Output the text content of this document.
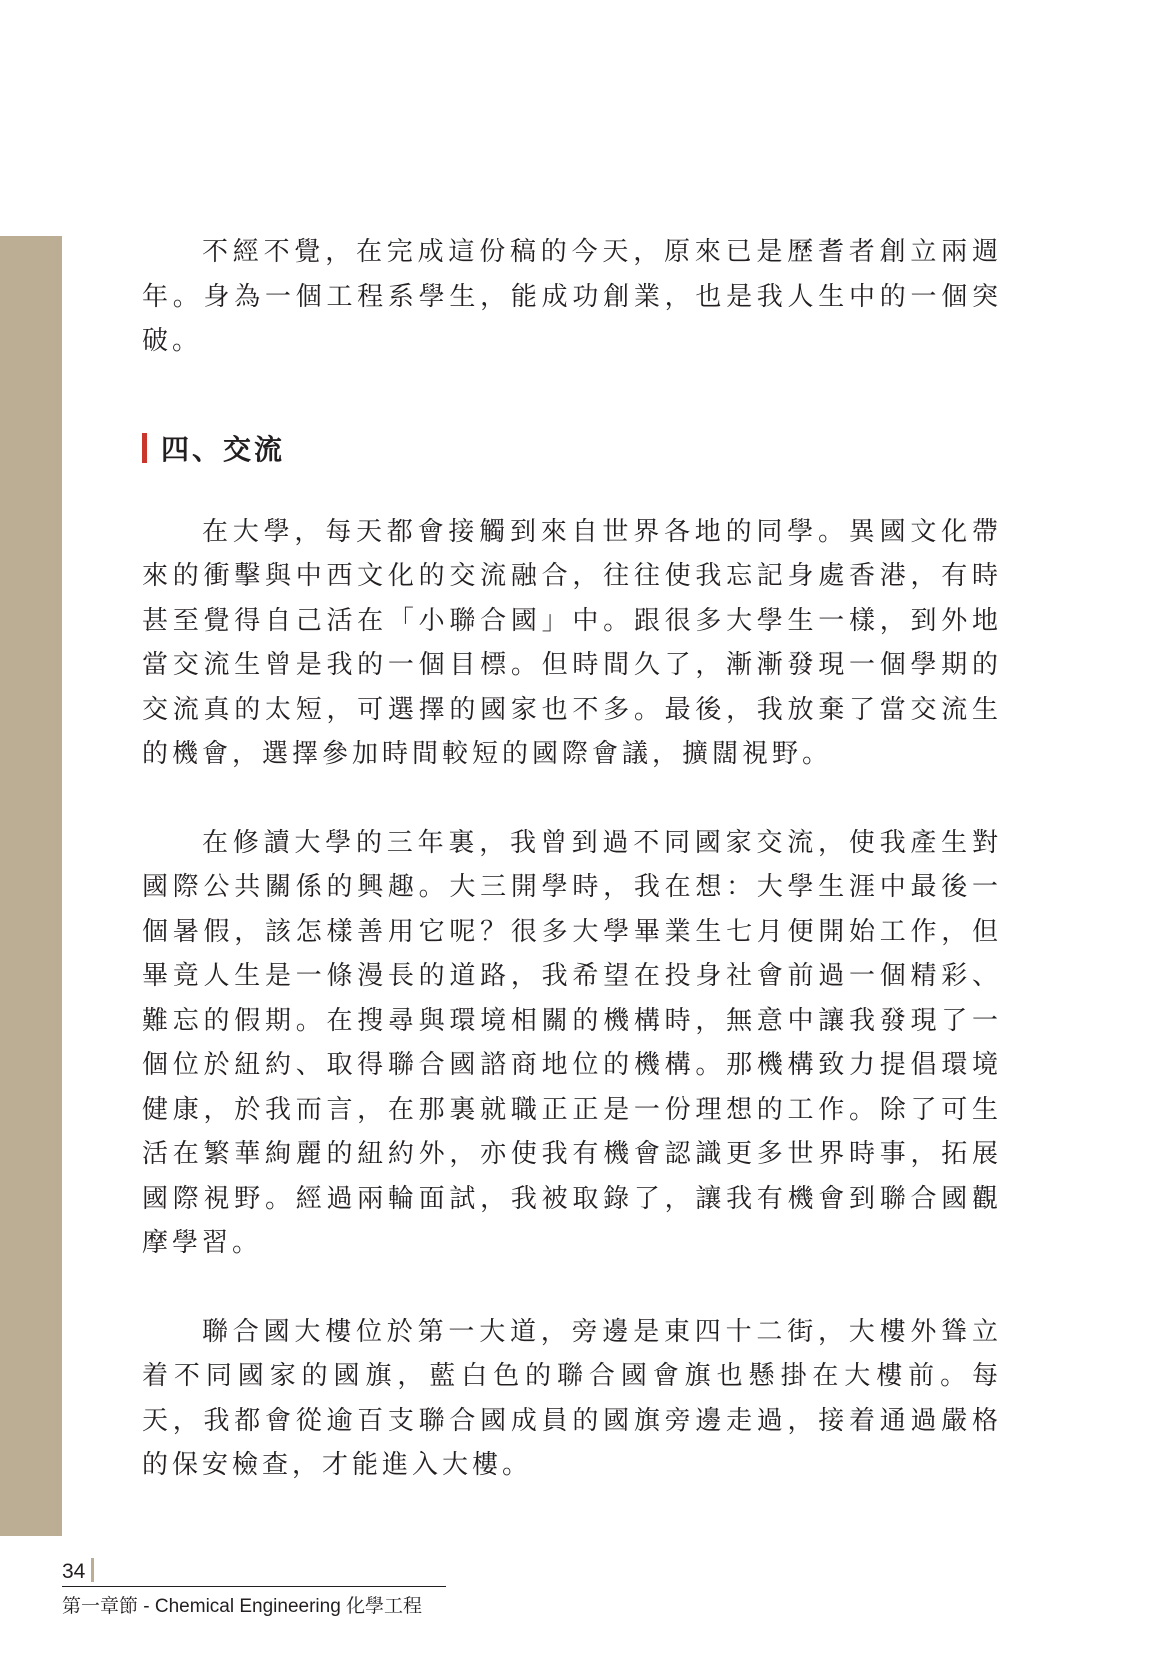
不經不覺，在完成這份稿的今天，原來已是歷耆者創立兩週年。身為一個工程系學生，能成功創業，也是我人生中的一個突破。

四、交流

在大學，每天都會接觸到來自世界各地的同學。異國文化帶來的衝擊與中西文化的交流融合，往往使我忘記身處香港，有時甚至覺得自己活在「小聯合國」中。跟很多大學生一樣，到外地當交流生曾是我的一個目標。但時間久了，漸漸發現一個學期的交流真的太短，可選擇的國家也不多。最後，我放棄了當交流生的機會，選擇參加時間較短的國際會議，擴闊視野。

在修讀大學的三年裏，我曾到過不同國家交流，使我產生對國際公共關係的興趣。大三開學時，我在想：大學生涯中最後一個暑假，該怎樣善用它呢？很多大學畢業生七月便開始工作，但畢竟人生是一條漫長的道路，我希望在投身社會前過一個精彩、難忘的假期。在搜尋與環境相關的機構時，無意中讓我發現了一個位於紐約、取得聯合國諮商地位的機構。那機構致力提倡環境健康，於我而言，在那裏就職正正是一份理想的工作。除了可生活在繁華絢麗的紐約外，亦使我有機會認識更多世界時事，拓展國際視野。經過兩輪面試，我被取錄了，讓我有機會到聯合國觀摩學習。

聯合國大樓位於第一大道，旁邊是東四十二街，大樓外聳立着不同國家的國旗，藍白色的聯合國會旗也懸掛在大樓前。每天，我都會從逾百支聯合國成員的國旗旁邊走過，接着通過嚴格的保安檢查，才能進入大樓。

34
第一章節 - Chemical Engineering 化學工程
